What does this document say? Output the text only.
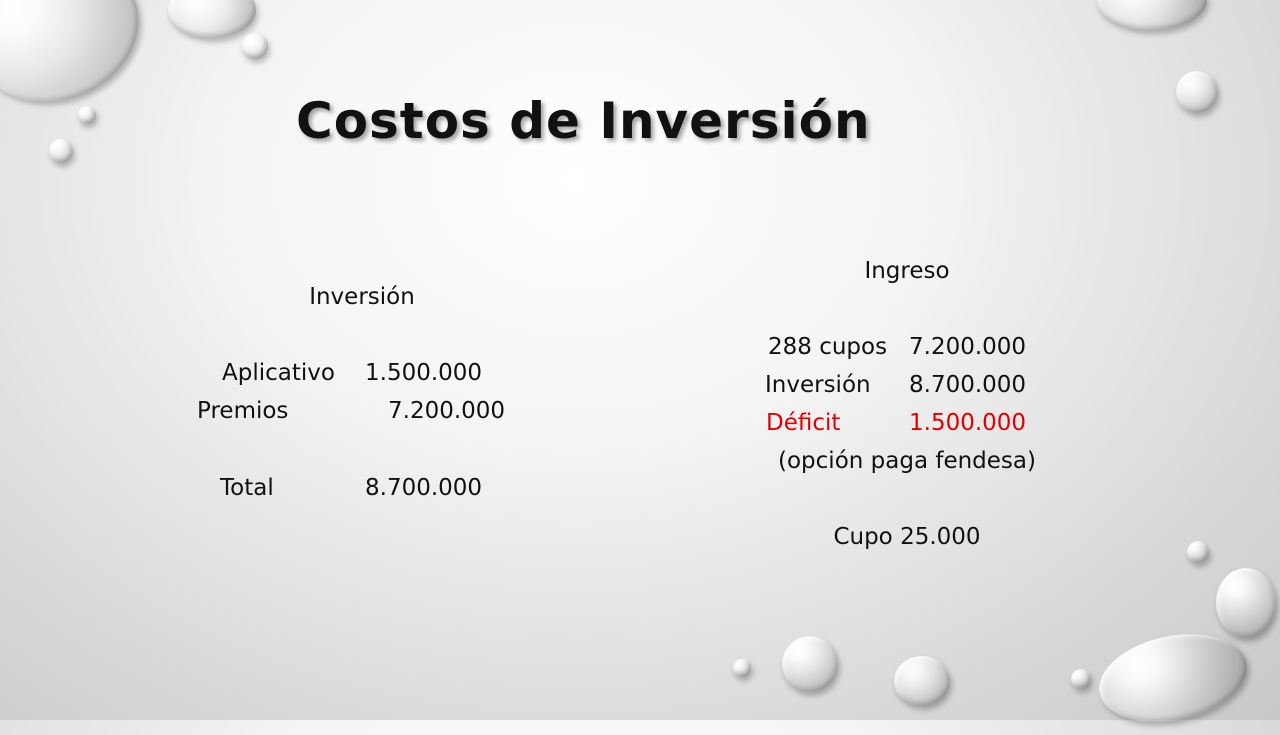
Costos de Inversión
Inversión
Aplicativo 1.500.000
Premios	7.200.000
Total	8.700.000
Ingreso
288 cupos 7.200.000
Inversión 8.700.000
Déficit	1.500.000
(opción paga fendesa)
Cupo 25.000
